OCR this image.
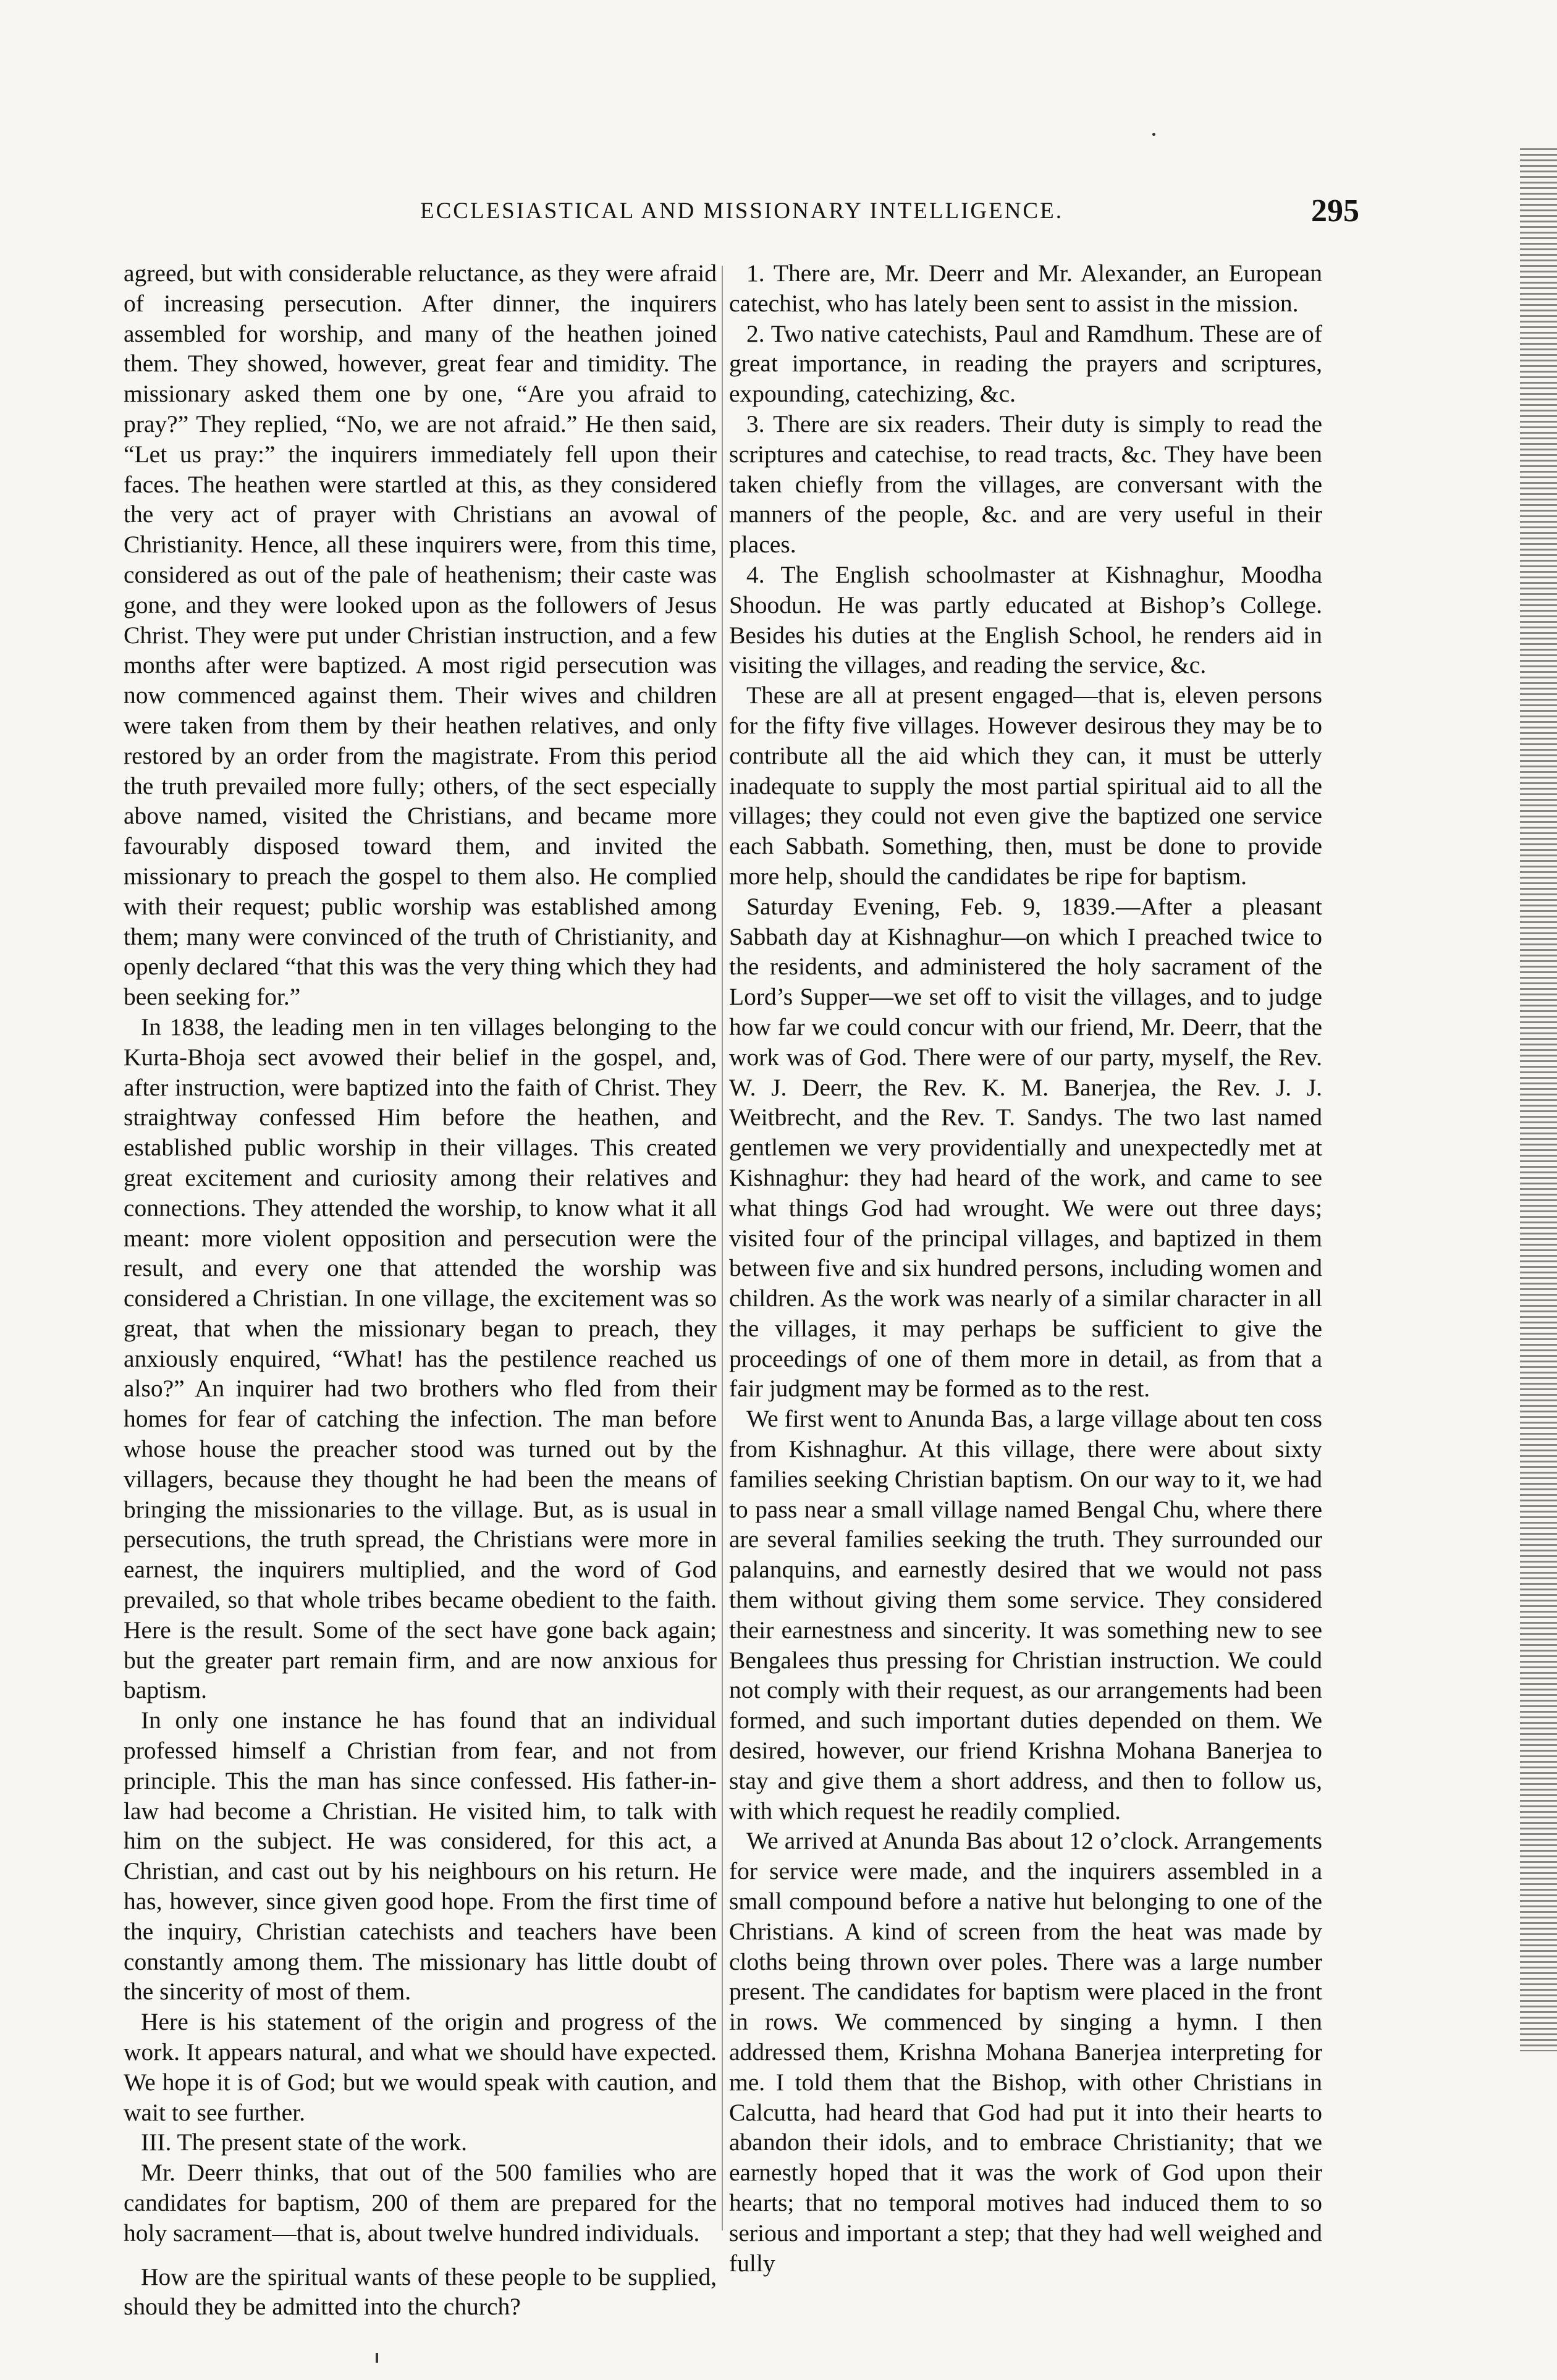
ECCLESIASTICAL AND MISSIONARY INTELLIGENCE.	295

agreed, but with considerable reluctance, as they were afraid of increasing persecution. After dinner, the inquirers assembled for worship, and many of the heathen joined them. They showed, however, great fear and timidity. The missionary asked them one by one, “Are you afraid to pray?” They replied, “No, we are not afraid.” He then said, “Let us pray:” the inquirers immediately fell upon their faces. The heathen were startled at this, as they considered the very act of prayer with Christians an avowal of Christianity. Hence, all these inquirers were, from this time, considered as out of the pale of heathenism; their caste was gone, and they were looked upon as the followers of Jesus Christ. They were put under Christian instruction, and a few months after were baptized. A most rigid persecution was now commenced against them. Their wives and children were taken from them by their heathen relatives, and only restored by an order from the magistrate. From this period the truth prevailed more fully; others, of the sect especially above named, visited the Christians, and became more favourably disposed toward them, and invited the missionary to preach the gospel to them also. He complied with their request; public worship was established among them; many were convinced of the truth of Christianity, and openly declared “that this was the very thing which they had been seeking for.”

In 1838, the leading men in ten villages belonging to the Kurta-Bhoja sect avowed their belief in the gospel, and, after instruction, were baptized into the faith of Christ. They straightway confessed Him before the heathen, and established public worship in their villages. This created great excitement and curiosity among their relatives and connections. They attended the worship, to know what it all meant: more violent opposition and persecution were the result, and every one that attended the worship was considered a Christian. In one village, the excitement was so great, that when the missionary began to preach, they anxiously enquired, “What! has the pestilence reached us also?” An inquirer had two brothers who fled from their homes for fear of catching the infection. The man before whose house the preacher stood was turned out by the villagers, because they thought he had been the means of bringing the missionaries to the village. But, as is usual in persecutions, the truth spread, the Christians were more in earnest, the inquirers multiplied, and the word of God prevailed, so that whole tribes became obedient to the faith. Here is the result. Some of the sect have gone back again; but the greater part remain firm, and are now anxious for baptism.

In only one instance he has found that an individual professed himself a Christian from fear, and not from principle. This the man has since confessed. His father-in-law had become a Christian. He visited him, to talk with him on the subject. He was considered, for this act, a Christian, and cast out by his neighbours on his return. He has, however, since given good hope. From the first time of the inquiry, Christian catechists and teachers have been constantly among them. The missionary has little doubt of the sincerity of most of them.

Here is his statement of the origin and progress of the work. It appears natural, and what we should have expected. We hope it is of God; but we would speak with caution, and wait to see further.

III. The present state of the work.

Mr. Deerr thinks, that out of the 500 families who are candidates for baptism, 200 of them are prepared for the holy sacrament—that is, about twelve hundred individuals.

How are the spiritual wants of these people to be supplied, should they be admitted into the church?

1. There are, Mr. Deerr and Mr. Alexander, an European catechist, who has lately been sent to assist in the mission.

2. Two native catechists, Paul and Ramdhum. These are of great importance, in reading the prayers and scriptures, expounding, catechizing, &c.

3. There are six readers. Their duty is simply to read the scriptures and catechise, to read tracts, &c. They have been taken chiefly from the villages, are conversant with the manners of the people, &c. and are very useful in their places.

4. The English schoolmaster at Kishnaghur, Moodha Shoodun. He was partly educated at Bishop’s College. Besides his duties at the English School, he renders aid in visiting the villages, and reading the service, &c.

These are all at present engaged—that is, eleven persons for the fifty five villages. However desirous they may be to contribute all the aid which they can, it must be utterly inadequate to supply the most partial spiritual aid to all the villages; they could not even give the baptized one service each Sabbath. Something, then, must be done to provide more help, should the candidates be ripe for baptism.

Saturday Evening, Feb. 9, 1839.—After a pleasant Sabbath day at Kishnaghur—on which I preached twice to the residents, and administered the holy sacrament of the Lord’s Supper—we set off to visit the villages, and to judge how far we could concur with our friend, Mr. Deerr, that the work was of God. There were of our party, myself, the Rev. W. J. Deerr, the Rev. K. M. Banerjea, the Rev. J. J. Weitbrecht, and the Rev. T. Sandys. The two last named gentlemen we very providentially and unexpectedly met at Kishnaghur: they had heard of the work, and came to see what things God had wrought. We were out three days; visited four of the principal villages, and baptized in them between five and six hundred persons, including women and children. As the work was nearly of a similar character in all the villages, it may perhaps be sufficient to give the proceedings of one of them more in detail, as from that a fair judgment may be formed as to the rest.

We first went to Anunda Bas, a large village about ten coss from Kishnaghur. At this village, there were about sixty families seeking Christian baptism. On our way to it, we had to pass near a small village named Bengal Chu, where there are several families seeking the truth. They surrounded our palanquins, and earnestly desired that we would not pass them without giving them some service. They considered their earnestness and sincerity. It was something new to see Bengalees thus pressing for Christian instruction. We could not comply with their request, as our arrangements had been formed, and such important duties depended on them. We desired, however, our friend Krishna Mohana Banerjea to stay and give them a short address, and then to follow us, with which request he readily complied.

We arrived at Anunda Bas about 12 o’clock. Arrangements for service were made, and the inquirers assembled in a small compound before a native hut belonging to one of the Christians. A kind of screen from the heat was made by cloths being thrown over poles. There was a large number present. The candidates for baptism were placed in the front in rows. We commenced by singing a hymn. I then addressed them, Krishna Mohana Banerjea interpreting for me. I told them that the Bishop, with other Christians in Calcutta, had heard that God had put it into their hearts to abandon their idols, and to embrace Christianity; that we earnestly hoped that it was the work of God upon their hearts; that no temporal motives had induced them to so serious and important a step; that they had well weighed and fully
